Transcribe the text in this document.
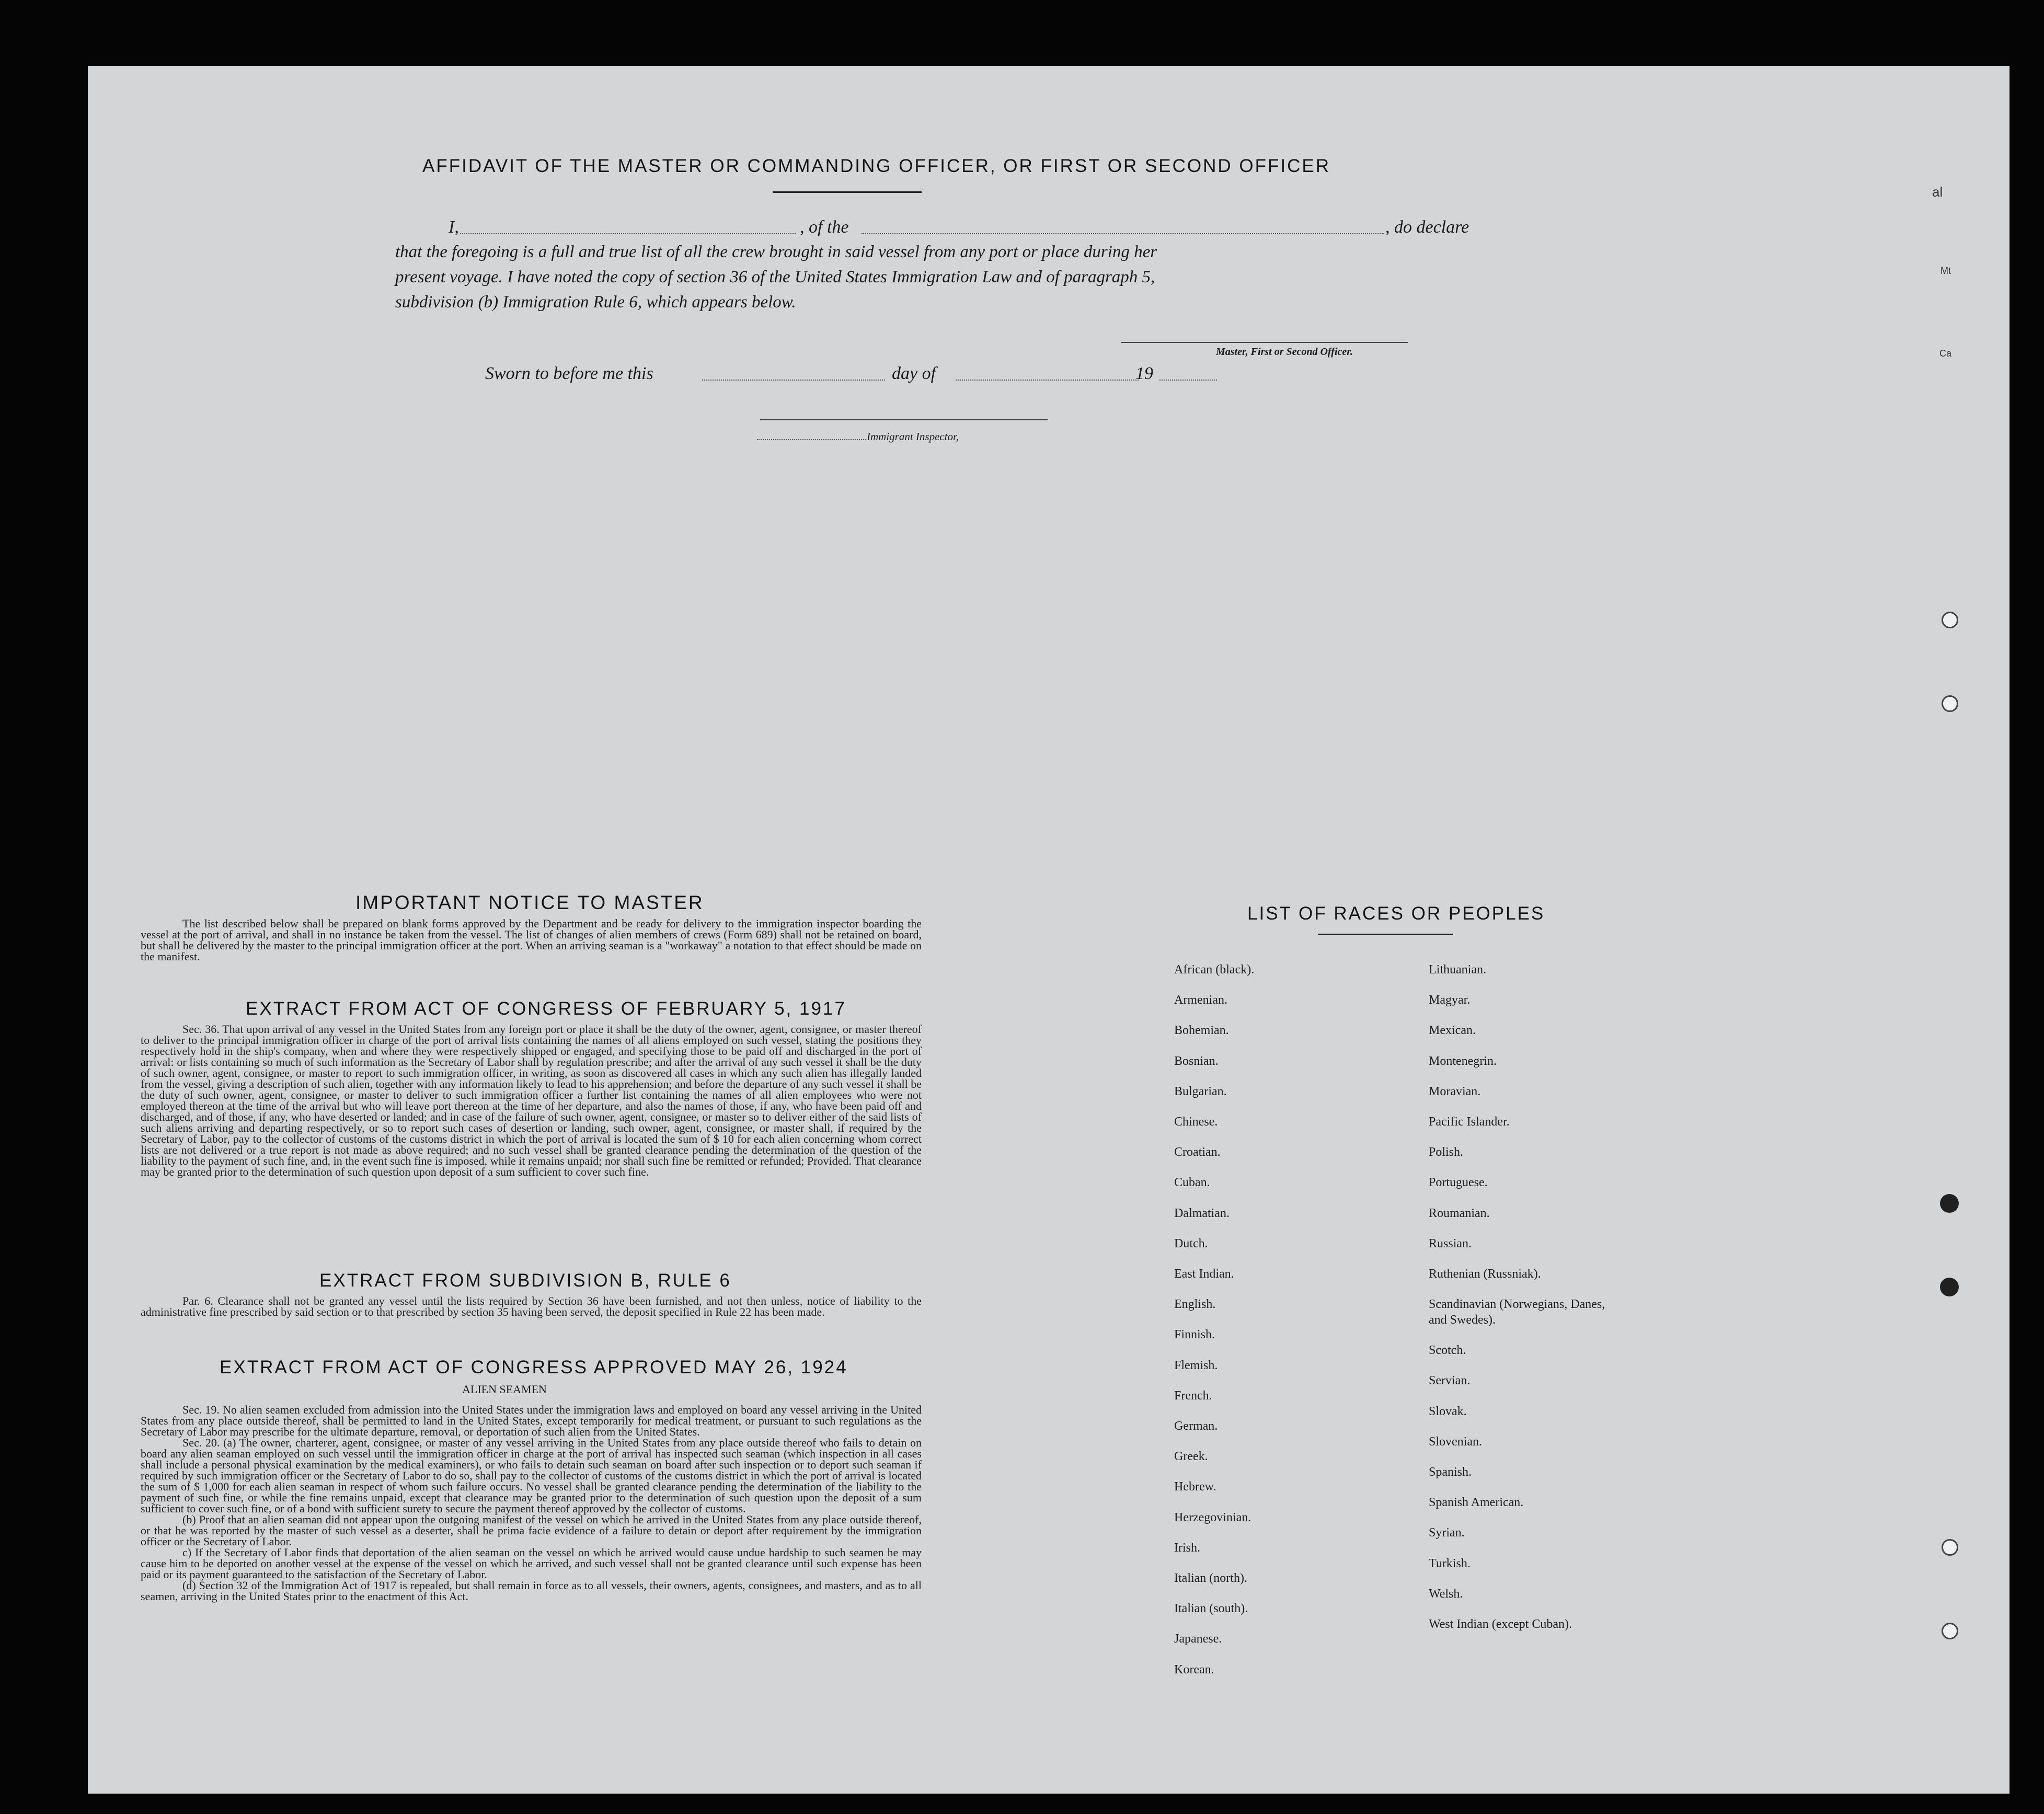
AFFIDAVIT OF THE MASTER OR COMMANDING OFFICER, OR FIRST OR SECOND OFFICER
I,	, of the	, do declare
that the foregoing is a full and true list of all the crew brought in said vessel from any port or place during her
present voyage. I have noted the copy of section 36 of the United States Immigration Law and of paragraph 5,
subdivision (b) Immigration Rule 6, which appears below.
Master, First or Second Officer.
Sworn to before me this	day of	19
Immigrant Inspector,
IMPORTANT NOTICE TO MASTER

The list described below shall be prepared on blank forms approved by the Department and be ready for delivery to the immigration inspector boarding the vessel at the port of arrival, and shall in no instance be taken from the vessel. The list of changes of alien members of crews (Form 689) shall not be retained on board, but shall be delivered by the master to the principal immigration officer at the port. When an arriving seaman is a "workaway" a notation to that effect should be made on the manifest.

EXTRACT FROM ACT OF CONGRESS OF FEBRUARY 5, 1917

Sec. 36. That upon arrival of any vessel in the United States from any foreign port or place it shall be the duty of the owner, agent, consignee, or master thereof to deliver to the principal immigration officer in charge of the port of arrival lists containing the names of all aliens employed on such vessel, stating the positions they respectively hold in the ship's company, when and where they were respectively shipped or engaged, and specifying those to be paid off and discharged in the port of arrival: or lists containing so much of such information as the Secretary of Labor shall by regulation prescribe; and after the arrival of any such vessel it shall be the duty of such owner, agent, consignee, or master to report to such immigration officer, in writing, as soon as discovered all cases in which any such alien has illegally landed from the vessel, giving a description of such alien, together with any information likely to lead to his apprehension; and before the departure of any such vessel it shall be the duty of such owner, agent, consignee, or master to deliver to such immigration officer a further list containing the names of all alien employees who were not employed thereon at the time of the arrival but who will leave port thereon at the time of her departure, and also the names of those, if any, who have been paid off and discharged, and of those, if any, who have deserted or landed; and in case of the failure of such owner, agent, consignee, or master so to deliver either of the said lists of such aliens arriving and departing respectively, or so to report such cases of desertion or landing, such owner, agent, consignee, or master shall, if required by the Secretary of Labor, pay to the collector of customs of the customs district in which the port of arrival is located the sum of $ 10 for each alien concerning whom correct lists are not delivered or a true report is not made as above required; and no such vessel shall be granted clearance pending the determination of the question of the liability to the payment of such fine, and, in the event such fine is imposed, while it remains unpaid; nor shall such fine be remitted or refunded; Provided. That clearance may be granted prior to the determination of such question upon deposit of a sum sufficient to cover such fine.

EXTRACT FROM SUBDIVISION B, RULE 6

Par. 6. Clearance shall not be granted any vessel until the lists required by Section 36 have been furnished, and not then unless, notice of liability to the administrative fine prescribed by said section or to that prescribed by section 35 having been served, the deposit specified in Rule 22 has been made.

EXTRACT FROM ACT OF CONGRESS APPROVED MAY 26, 1924
ALIEN SEAMEN

Sec. 19. No alien seamen excluded from admission into the United States under the immigration laws and employed on board any vessel arriving in the United States from any place outside thereof, shall be permitted to land in the United States, except temporarily for medical treatment, or pursuant to such regulations as the Secretary of Labor may prescribe for the ultimate departure, removal, or deportation of such alien from the United States.

Sec. 20. (a) The owner, charterer, agent, consignee, or master of any vessel arriving in the United States from any place outside thereof who fails to detain on board any alien seaman employed on such vessel until the immigration officer in charge at the port of arrival has inspected such seaman (which inspection in all cases shall include a personal physical examination by the medical examiners), or who fails to detain such seaman on board after such inspection or to deport such seaman if required by such immigration officer or the Secretary of Labor to do so, shall pay to the collector of customs of the customs district in which the port of arrival is located the sum of $ 1,000 for each alien seaman in respect of whom such failure occurs. No vessel shall be granted clearance pending the determination of the liability to the payment of such fine, or while the fine remains unpaid, except that clearance may be granted prior to the determination of such question upon the deposit of a sum sufficient to cover such fine, or of a bond with sufficient surety to secure the payment thereof approved by the collector of customs.

(b) Proof that an alien seaman did not appear upon the outgoing manifest of the vessel on which he arrived in the United States from any place outside thereof, or that he was reported by the master of such vessel as a deserter, shall be prima facie evidence of a failure to detain or deport after requirement by the immigration officer or the Secretary of Labor.

c) If the Secretary of Labor finds that deportation of the alien seaman on the vessel on which he arrived would cause undue hardship to such seamen he may cause him to be deported on another vessel at the expense of the vessel on which he arrived, and such vessel shall not be granted clearance until such expense has been paid or its payment guaranteed to the satisfaction of the Secretary of Labor.

(d) Section 32 of the Immigration Act of 1917 is repealed, but shall remain in force as to all vessels, their owners, agents, consignees, and masters, and as to all seamen, arriving in the United States prior to the enactment of this Act.

LIST OF RACES OR PEOPLES
African (black).
Armenian.
Bohemian.
Bosnian.
Bulgarian.
Chinese.
Croatian.
Cuban.
Dalmatian.
Dutch.
East Indian.
English.
Finnish.
Flemish.
French.
German.
Greek.
Hebrew.
Herzegovinian.
Irish.
Italian (north).
Italian (south).
Japanese.
Korean.
Lithuanian.
Magyar.
Mexican.
Montenegrin.
Moravian.
Pacific Islander.
Polish.
Portuguese.
Roumanian.
Russian.
Ruthenian (Russniak).
Scandinavian (Norwegians, Danes, and Swedes).
Scotch.
Servian.
Slovak.
Slovenian.
Spanish.
Spanish American.
Syrian.
Turkish.
Welsh.
West Indian (except Cuban).
al
Mt
Ca
